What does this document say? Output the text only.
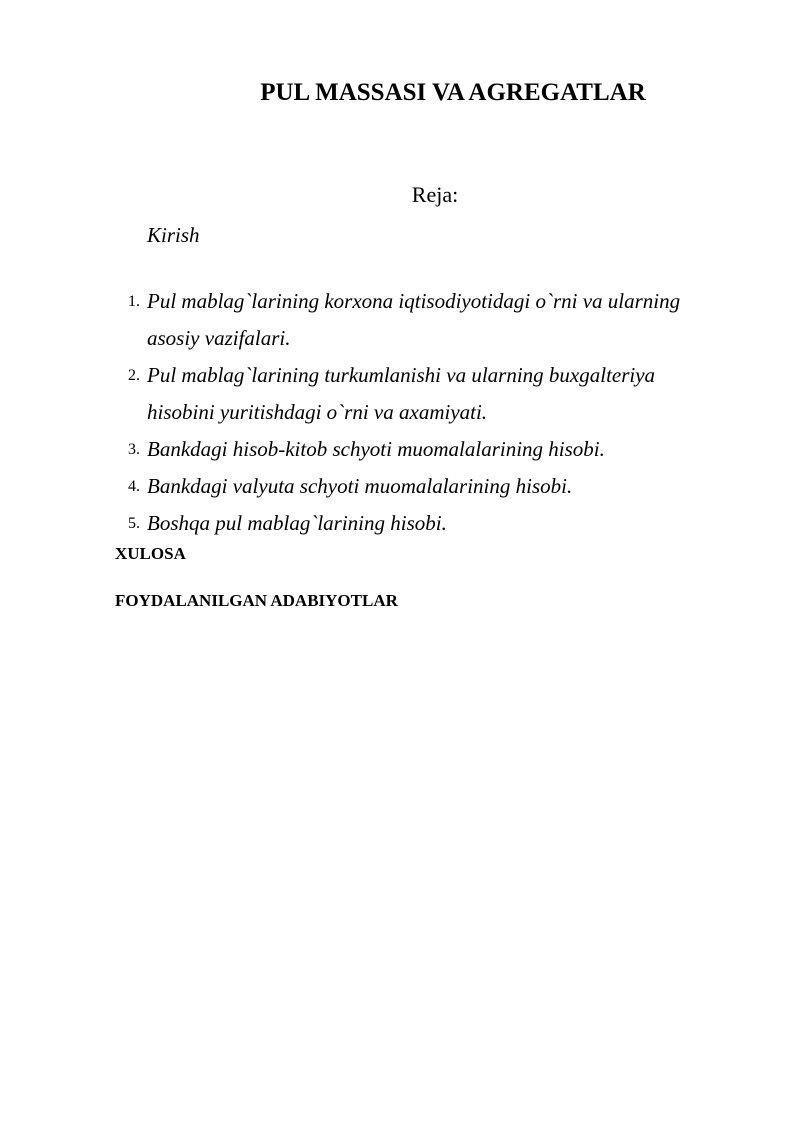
PUL MASSASI VA AGREGATLAR
Reja:
Kirish
1. Pul mablag`larining korxona iqtisodiyotidagi o`rni va ularning asosiy vazifalari.
2. Pul mablag`larining turkumlanishi va ularning buxgalteriya hisobini yuritishdagi o`rni va axamiyati.
3. Bankdagi hisob-kitob schyoti muomalalarining hisobi.
4. Bankdagi valyuta schyoti muomalalarining hisobi.
5. Boshqa pul mablag`larining hisobi.
XULOSA
FOYDALANILGAN ADABIYOTLAR
